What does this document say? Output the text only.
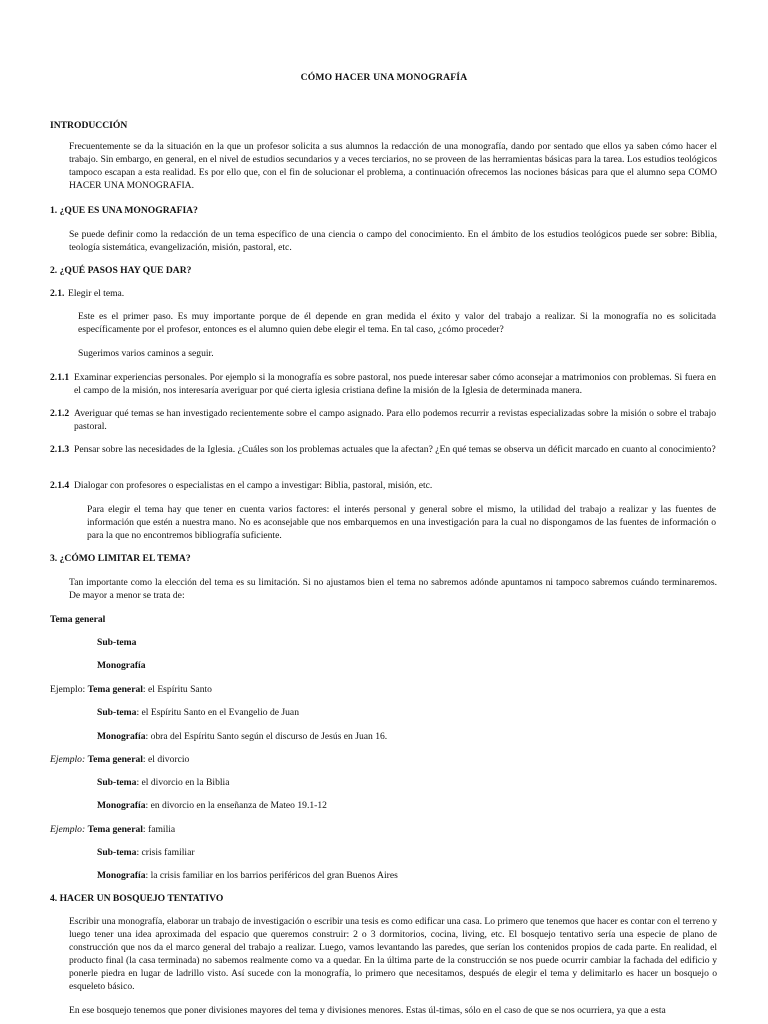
CÓMO HACER UNA MONOGRAFÍA
INTRODUCCIÓN
Frecuentemente se da la situación en la que un profesor solicita a sus alumnos la redacción de una monografía, dando por sentado que ellos ya saben cómo hacer el trabajo. Sin embargo, en general, en el nivel de estudios secundarios y a veces terciarios, no se proveen de las herramientas básicas para la tarea. Los estudios teológicos tampoco escapan a esta realidad. Es por ello que, con el fin de solucionar el problema, a continuación ofrecemos las nociones básicas para que el alumno sepa COMO HACER UNA MONOGRAFIA.
1. ¿QUE ES UNA MONOGRAFIA?
Se puede definir como la redacción de un tema específico de una ciencia o campo del conocimiento. En el ámbito de los estudios teológicos puede ser sobre: Biblia, teología sistemática, evangelización, misión, pastoral, etc.
2. ¿QUÉ PASOS HAY QUE DAR?
2.1. Elegir el tema.
Este es el primer paso. Es muy importante porque de él depende en gran medida el éxito y valor del trabajo a realizar. Si la monografía no es solicitada específicamente por el profesor, entonces es el alumno quien debe elegir el tema. En tal caso, ¿cómo proceder?
Sugerimos varios caminos a seguir.
2.1.1 Examinar experiencias personales. Por ejemplo si la monografía es sobre pastoral, nos puede interesar saber cómo aconsejar a matrimonios con problemas. Si fuera en el campo de la misión, nos interesaría averiguar por qué cierta iglesia cristiana define la misión de la Iglesia de determinada manera.
2.1.2 Averiguar qué temas se han investigado recientemente sobre el campo asignado. Para ello podemos recurrir a revistas especializadas sobre la misión o sobre el trabajo pastoral.
2.1.3 Pensar sobre las necesidades de la Iglesia. ¿Cuáles son los problemas actuales que la afectan? ¿En qué temas se observa un déficit marcado en cuanto al conocimiento?
2.1.4 Dialogar con profesores o especialistas en el campo a investigar: Biblia, pastoral, misión, etc.
Para elegir el tema hay que tener en cuenta varios factores: el interés personal y general sobre el mismo, la utilidad del trabajo a realizar y las fuentes de información que estén a nuestra mano. No es aconsejable que nos embarquemos en una investigación para la cual no dispongamos de las fuentes de información o para la que no encontremos bibliografía suficiente.
3. ¿CÓMO LIMITAR EL TEMA?
Tan importante como la elección del tema es su limitación. Si no ajustamos bien el tema no sabremos adónde apuntamos ni tampoco sabremos cuándo terminaremos. De mayor a menor se trata de:
Tema general
Sub-tema
Monografía
Ejemplo: Tema general: el Espíritu Santo
Sub-tema: el Espíritu Santo en el Evangelio de Juan
Monografía: obra del Espíritu Santo según el discurso de Jesús en Juan 16.
Ejemplo: Tema general: el divorcio
Sub-tema: el divorcio en la Biblia
Monografía: en divorcio en la enseñanza de Mateo 19.1-12
Ejemplo: Tema general: familia
Sub-tema: crisis familiar
Monografía: la crisis familiar en los barrios periféricos del gran Buenos Aires
4. HACER UN BOSQUEJO TENTATIVO
Escribir una monografía, elaborar un trabajo de investigación o escribir una tesis es como edificar una casa. Lo primero que tenemos que hacer es contar con el terreno y luego tener una idea aproximada del espacio que queremos construir: 2 o 3 dormitorios, cocina, living, etc. El bosquejo tentativo sería una especie de plano de construcción que nos da el marco general del trabajo a realizar. Luego, vamos levantando las paredes, que serían los contenidos propios de cada parte. En realidad, el producto final (la casa terminada) no sabemos realmente como va a quedar. En la última parte de la construcción se nos puede ocurrir cambiar la fachada del edificio y ponerle piedra en lugar de ladrillo visto. Así sucede con la monografía, lo primero que necesitamos, después de elegir el tema y delimitarlo es hacer un bosquejo o esqueleto básico.
En ese bosquejo tenemos que poner divisiones mayores del tema y divisiones menores. Estas úl-timas, sólo en el caso de que se nos ocurriera, ya que a esta
